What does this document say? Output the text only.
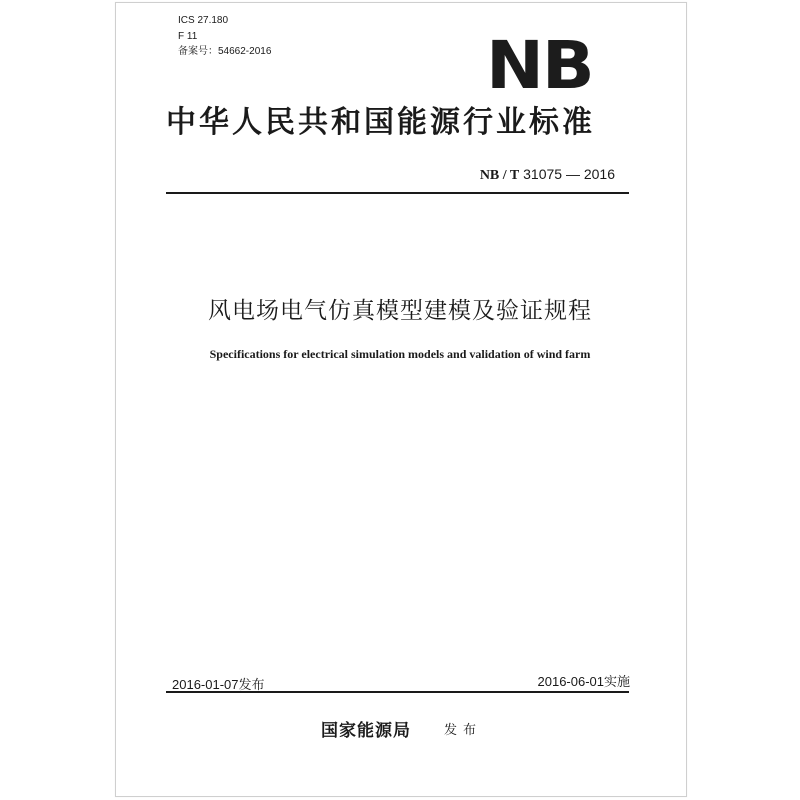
ICS 27.180
F 11
备案号：54662-2016	NB
中华人民共和国能源行业标准
NB / T 31075 — 2016
风电场电气仿真模型建模及验证规程
Specifications for electrical simulation models and validation of wind farm
2016-01-07发布	2016-06-01实施
国家能源局	发布
